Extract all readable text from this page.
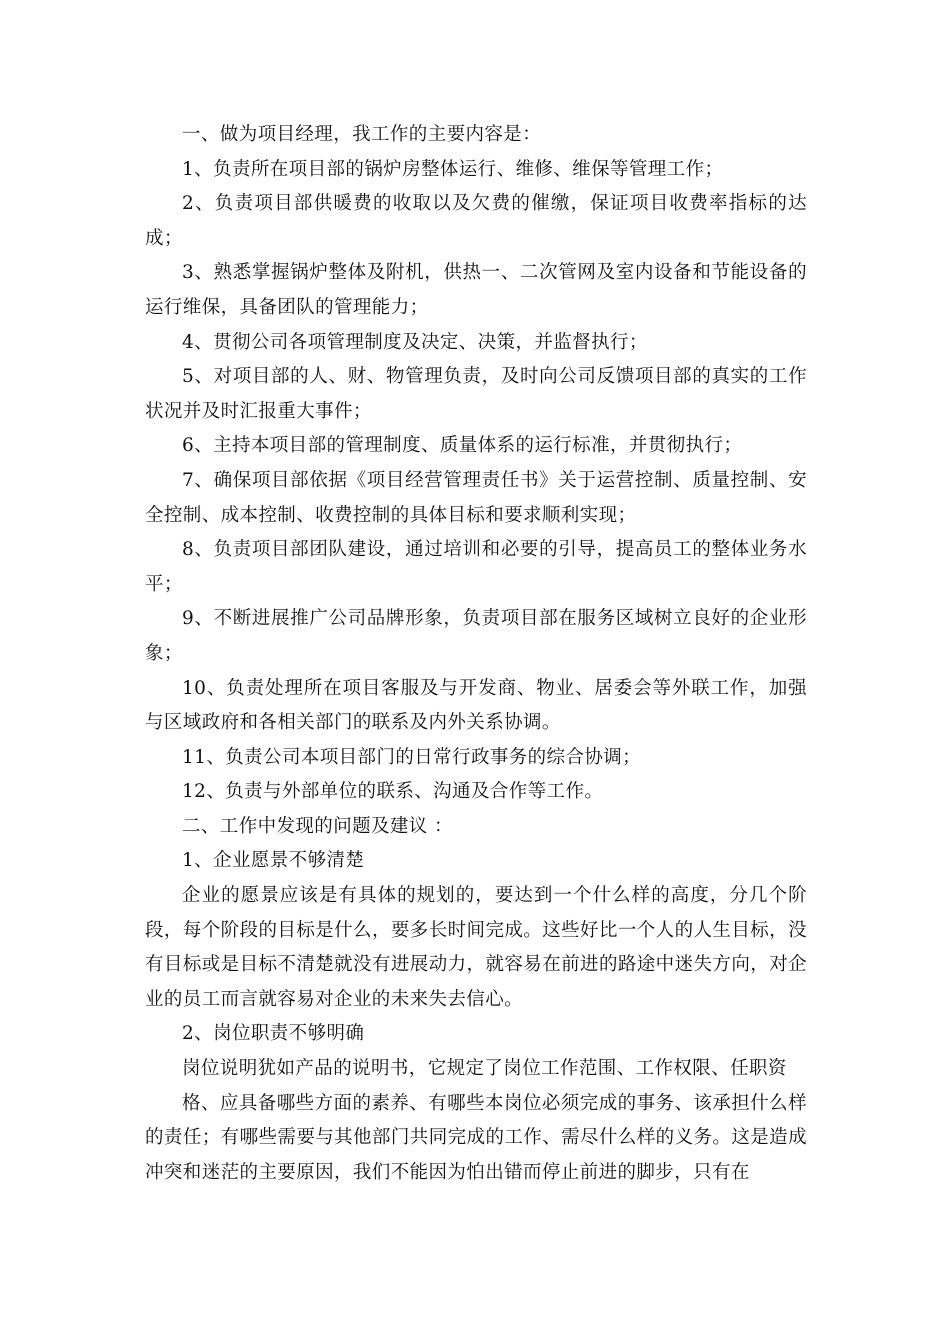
一、做为项目经理，我工作的主要内容是：

1、负责所在项目部的锅炉房整体运行、维修、维保等管理工作；

2、负责项目部供暖费的收取以及欠费的催缴，保证项目收费率指标的达成；

3、熟悉掌握锅炉整体及附机，供热一、二次管网及室内设备和节能设备的运行维保，具备团队的管理能力；

4、贯彻公司各项管理制度及决定、决策，并监督执行；

5、对项目部的人、财、物管理负责，及时向公司反馈项目部的真实的工作状况并及时汇报重大事件；

6、主持本项目部的管理制度、质量体系的运行标准，并贯彻执行；

7、确保项目部依据《项目经营管理责任书》关于运营控制、质量控制、安全控制、成本控制、收费控制的具体目标和要求顺利实现；

8、负责项目部团队建设，通过培训和必要的引导，提高员工的整体业务水平；

9、不断进展推广公司品牌形象，负责项目部在服务区域树立良好的企业形象；

10、负责处理所在项目客服及与开发商、物业、居委会等外联工作，加强与区域政府和各相关部门的联系及内外关系协调。

11、负责公司本项目部门的日常行政事务的综合协调；

12、负责与外部单位的联系、沟通及合作等工作。

二、工作中发现的问题及建议 ：

1、企业愿景不够清楚

企业的愿景应该是有具体的规划的，要达到一个什么样的高度，分几个阶段，每个阶段的目标是什么，要多长时间完成。这些好比一个人的人生目标，没有目标或是目标不清楚就没有进展动力，就容易在前进的路途中迷失方向，对企业的员工而言就容易对企业的未来失去信心。

2、岗位职责不够明确

岗位说明犹如产品的说明书，它规定了岗位工作范围、工作权限、任职资

格、应具备哪些方面的素养、有哪些本岗位必须完成的事务、该承担什么样的责任；有哪些需要与其他部门共同完成的工作、需尽什么样的义务。这是造成冲突和迷茫的主要原因，我们不能因为怕出错而停止前进的脚步，只有在
